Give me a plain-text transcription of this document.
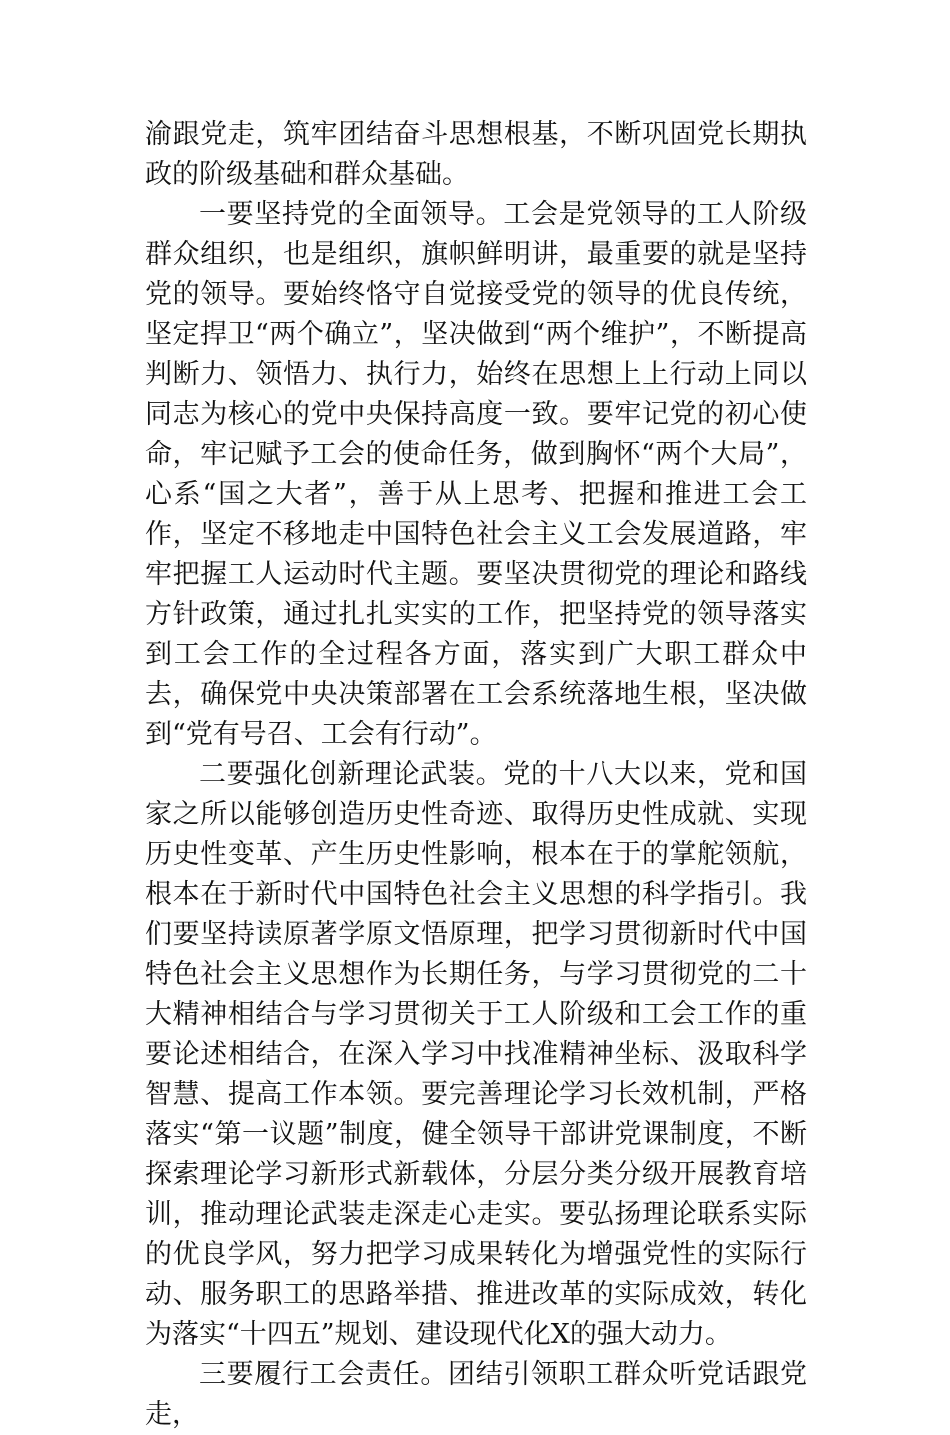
渝跟党走，筑牢团结奋斗思想根基，不断巩固党长期执政的阶级基础和群众基础。

一要坚持党的全面领导。工会是党领导的工人阶级群众组织，也是组织，旗帜鲜明讲，最重要的就是坚持党的领导。要始终恪守自觉接受党的领导的优良传统，坚定捍卫“两个确立”，坚决做到“两个维护”，不断提高判断力、领悟力、执行力，始终在思想上上行动上同以同志为核心的党中央保持高度一致。要牢记党的初心使命，牢记赋予工会的使命任务，做到胸怀“两个大局”，心系“国之大者”，善于从上思考、把握和推进工会工作，坚定不移地走中国特色社会主义工会发展道路，牢牢把握工人运动时代主题。要坚决贯彻党的理论和路线方针政策，通过扎扎实实的工作，把坚持党的领导落实到工会工作的全过程各方面，落实到广大职工群众中去，确保党中央决策部署在工会系统落地生根，坚决做到“党有号召、工会有行动”。

二要强化创新理论武装。党的十八大以来，党和国家之所以能够创造历史性奇迹、取得历史性成就、实现历史性变革、产生历史性影响，根本在于的掌舵领航，根本在于新时代中国特色社会主义思想的科学指引。我们要坚持读原著学原文悟原理，把学习贯彻新时代中国特色社会主义思想作为长期任务，与学习贯彻党的二十大精神相结合与学习贯彻关于工人阶级和工会工作的重要论述相结合，在深入学习中找准精神坐标、汲取科学智慧、提高工作本领。要完善理论学习长效机制，严格落实“第一议题”制度，健全领导干部讲党课制度，不断探索理论学习新形式新载体，分层分类分级开展教育培训，推动理论武装走深走心走实。要弘扬理论联系实际的优良学风，努力把学习成果转化为增强党性的实际行动、服务职工的思路举措、推进改革的实际成效，转化为落实“十四五”规划、建设现代化X的强大动力。

三要履行工会责任。团结引领职工群众听党话跟党走，
